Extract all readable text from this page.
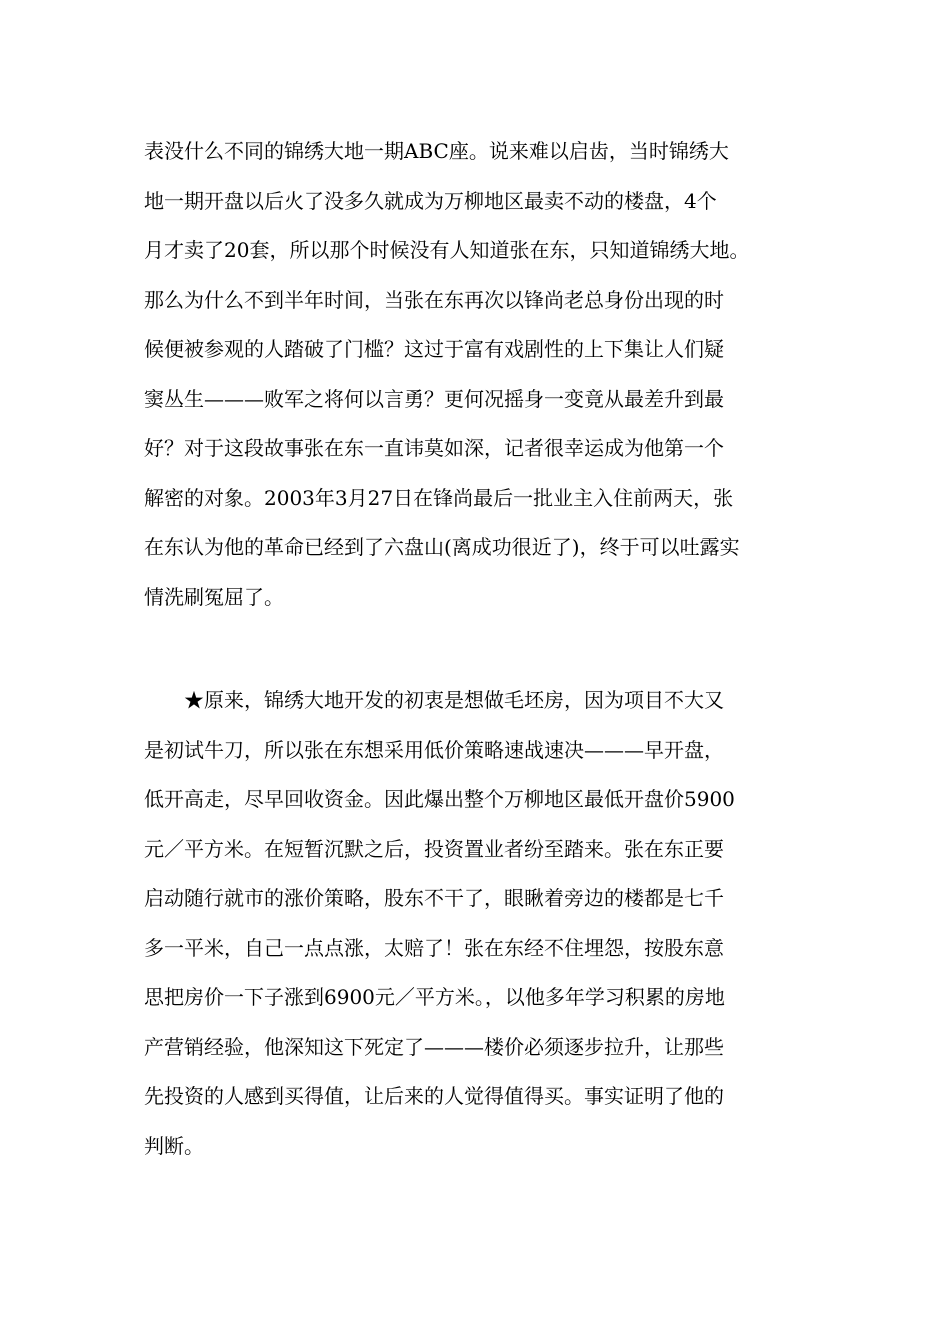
表没什么不同的锦绣大地一期ABC座。说来难以启齿，当时锦绣大
地一期开盘以后火了没多久就成为万柳地区最卖不动的楼盘，4个
月才卖了20套，所以那个时候没有人知道张在东，只知道锦绣大地。
那么为什么不到半年时间，当张在东再次以锋尚老总身份出现的时
候便被参观的人踏破了门槛？这过于富有戏剧性的上下集让人们疑
窦丛生———败军之将何以言勇？更何况摇身一变竟从最差升到最
好？对于这段故事张在东一直讳莫如深，记者很幸运成为他第一个
解密的对象。2003年3月27日在锋尚最后一批业主入住前两天，张
在东认为他的革命已经到了六盘山(离成功很近了)，终于可以吐露实
情洗刷冤屈了。
　　★原来，锦绣大地开发的初衷是想做毛坯房，因为项目不大又
是初试牛刀，所以张在东想采用低价策略速战速决———早开盘，
低开高走，尽早回收资金。因此爆出整个万柳地区最低开盘价5900
元／平方米。在短暂沉默之后，投资置业者纷至踏来。张在东正要
启动随行就市的涨价策略，股东不干了，眼瞅着旁边的楼都是七千
多一平米，自己一点点涨，太赔了！张在东经不住埋怨，按股东意
思把房价一下子涨到6900元／平方米。，以他多年学习积累的房地
产营销经验，他深知这下死定了———楼价必须逐步拉升，让那些
先投资的人感到买得值，让后来的人觉得值得买。事实证明了他的
判断。
